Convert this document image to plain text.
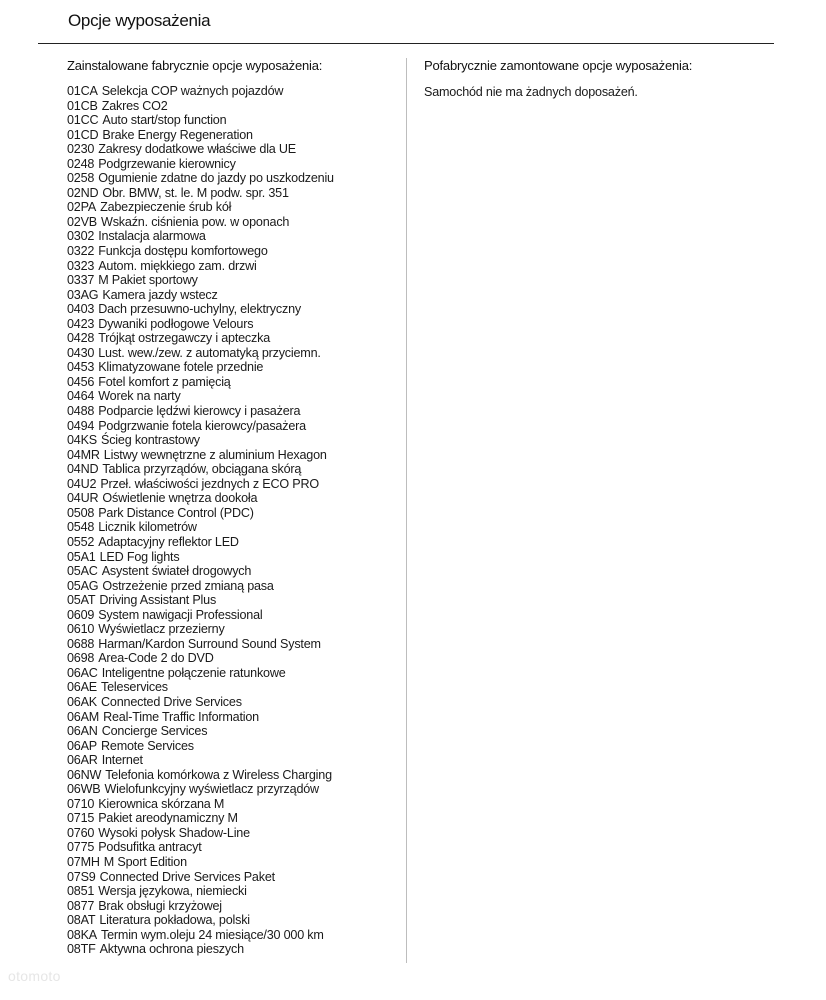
Opcje wyposażenia
Zainstalowane fabrycznie opcje wyposażenia:
01CA Selekcja COP ważnych pojazdów
01CB Zakres CO2
01CC Auto start/stop function
01CD Brake Energy Regeneration
0230 Zakresy dodatkowe właściwe dla UE
0248 Podgrzewanie kierownicy
0258 Ogumienie zdatne do jazdy po uszkodzeniu
02ND Obr. BMW, st. le. M podw. spr. 351
02PA Zabezpieczenie śrub kół
02VB Wskaźn. ciśnienia pow. w oponach
0302 Instalacja alarmowa
0322 Funkcja dostępu komfortowego
0323 Autom. miękkiego zam. drzwi
0337 M Pakiet sportowy
03AG Kamera jazdy wstecz
0403 Dach przesuwno-uchylny, elektryczny
0423 Dywaniki podłogowe Velours
0428 Trójkąt ostrzegawczy i apteczka
0430 Lust. wew./zew. z automatyką przyciemn.
0453 Klimatyzowane fotele przednie
0456 Fotel komfort z pamięcią
0464 Worek na narty
0488 Podparcie lędźwi kierowcy i pasażera
0494 Podgrzwanie fotela kierowcy/pasażera
04KS Ścieg kontrastowy
04MR Listwy wewnętrzne z aluminium Hexagon
04ND Tablica przyrządów, obciągana skórą
04U2 Przeł. właściwości jezdnych z ECO PRO
04UR Oświetlenie wnętrza dookoła
0508 Park Distance Control (PDC)
0548 Licznik kilometrów
0552 Adaptacyjny reflektor LED
05A1 LED Fog lights
05AC Asystent świateł drogowych
05AG Ostrzeżenie przed zmianą pasa
05AT Driving Assistant Plus
0609 System nawigacji Professional
0610 Wyświetlacz przezierny
0688 Harman/Kardon Surround Sound System
0698 Area-Code 2 do DVD
06AC Inteligentne połączenie ratunkowe
06AE Teleservices
06AK Connected Drive Services
06AM Real-Time Traffic Information
06AN Concierge Services
06AP Remote Services
06AR Internet
06NW Telefonia komórkowa z Wireless Charging
06WB Wielofunkcyjny wyświetlacz przyrządów
0710 Kierownica skórzana M
0715 Pakiet areodynamiczny M
0760 Wysoki połysk Shadow-Line
0775 Podsufitka antracyt
07MH M Sport Edition
07S9 Connected Drive Services Paket
0851 Wersja językowa, niemiecki
0877 Brak obsługi krzyżowej
08AT Literatura pokładowa, polski
08KA Termin wym.oleju 24 miesiące/30 000 km
08TF Aktywna ochrona pieszych
Pofabrycznie zamontowane opcje wyposażenia:
Samochód nie ma żadnych doposażeń.
otomoto
